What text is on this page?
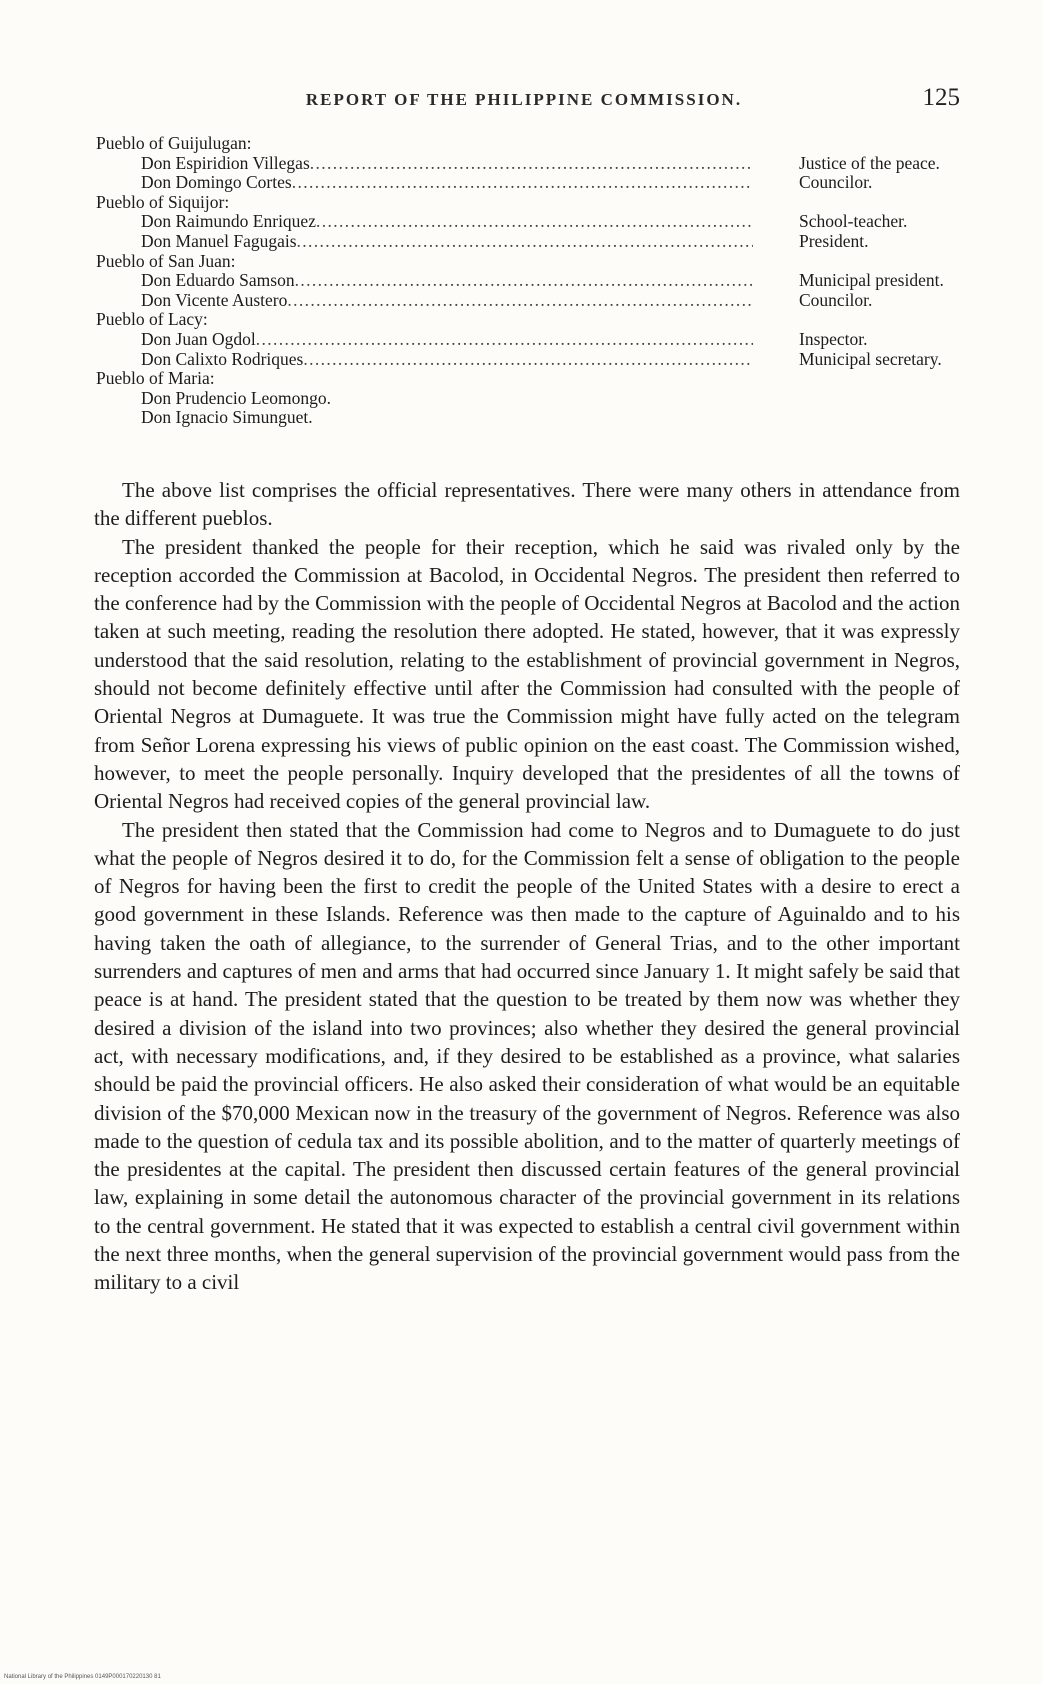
REPORT OF THE PHILIPPINE COMMISSION.	125
Pueblo of Guijulugan:
Don Espiridion Villegas . . .	Justice of the peace.
Don Domingo Cortes . . .	Councilor.
Pueblo of Siquijor:
Don Raimundo Enriquez . . .	School-teacher.
Don Manuel Fagugais . . .	President.
Pueblo of San Juan:
Don Eduardo Samson . . .	Municipal president.
Don Vicente Austero . . .	Councilor.
Pueblo of Lacy:
Don Juan Ogdol . . .	Inspector.
Don Calixto Rodriques . . .	Municipal secretary.
Pueblo of Maria:
Don Prudencio Leomongo.
Don Ignacio Simunguet.

The above list comprises the official representatives. There were many others in attendance from the different pueblos.

The president thanked the people for their reception, which he said was rivaled only by the reception accorded the Commission at Bacolod, in Occidental Negros. The president then referred to the conference had by the Commission with the people of Occidental Negros at Bacolod and the action taken at such meeting, reading the resolution there adopted. He stated, however, that it was expressly understood that the said resolution, relating to the establishment of provincial government in Negros, should not become definitely effective until after the Commission had consulted with the people of Oriental Negros at Dumaguete. It was true the Commission might have fully acted on the telegram from Señor Lorena expressing his views of public opinion on the east coast. The Commission wished, however, to meet the people personally. Inquiry developed that the presidentes of all the towns of Oriental Negros had received copies of the general provincial law.

The president then stated that the Commission had come to Negros and to Dumaguete to do just what the people of Negros desired it to do, for the Commission felt a sense of obligation to the people of Negros for having been the first to credit the people of the United States with a desire to erect a good government in these Islands. Reference was then made to the capture of Aguinaldo and to his having taken the oath of allegiance, to the surrender of General Trias, and to the other important surrenders and captures of men and arms that had occurred since January 1. It might safely be said that peace is at hand. The president stated that the question to be treated by them now was whether they desired a division of the island into two provinces; also whether they desired the general provincial act, with necessary modifications, and, if they desired to be established as a province, what salaries should be paid the provincial officers. He also asked their consideration of what would be an equitable division of the $70,000 Mexican now in the treasury of the government of Negros. Reference was also made to the question of cedula tax and its possible abolition, and to the matter of quarterly meetings of the presidentes at the capital. The president then discussed certain features of the general provincial law, explaining in some detail the autonomous character of the provincial government in its relations to the central government. He stated that it was expected to establish a central civil government within the next three months, when the general supervision of the provincial government would pass from the military to a civil

National Library of the Philippines 0149P000170220130 81
